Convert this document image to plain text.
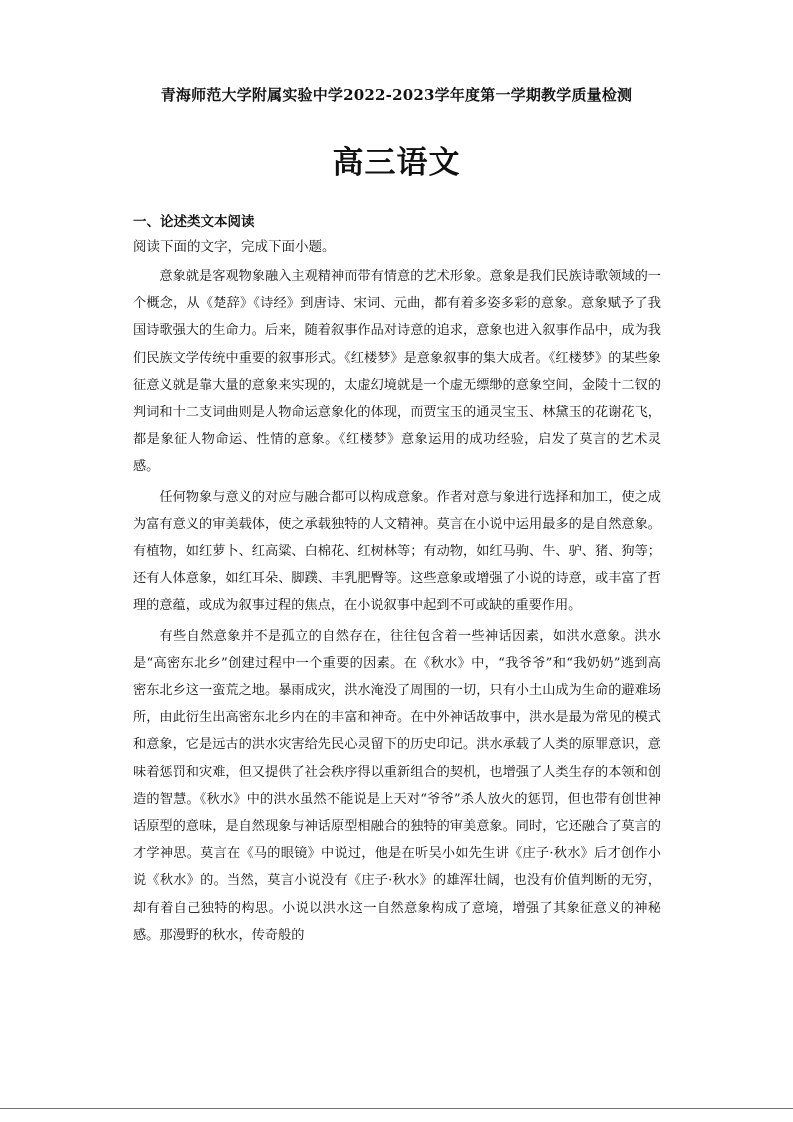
青海师范大学附属实验中学2022-2023学年度第一学期教学质量检测
高三语文
一、论述类文本阅读
阅读下面的文字，完成下面小题。

意象就是客观物象融入主观精神而带有情意的艺术形象。意象是我们民族诗歌领域的一个概念，从《楚辞》《诗经》到唐诗、宋词、元曲，都有着多姿多彩的意象。意象赋予了我国诗歌强大的生命力。后来，随着叙事作品对诗意的追求，意象也进入叙事作品中，成为我们民族文学传统中重要的叙事形式。《红楼梦》是意象叙事的集大成者。《红楼梦》的某些象征意义就是靠大量的意象来实现的，太虚幻境就是一个虚无缥缈的意象空间，金陵十二钗的判词和十二支词曲则是人物命运意象化的体现，而贾宝玉的通灵宝玉、林黛玉的花谢花飞，都是象征人物命运、性情的意象。《红楼梦》意象运用的成功经验，启发了莫言的艺术灵感。

任何物象与意义的对应与融合都可以构成意象。作者对意与象进行选择和加工，使之成为富有意义的审美载体，使之承载独特的人文精神。莫言在小说中运用最多的是自然意象。有植物，如红萝卜、红高粱、白棉花、红树林等；有动物，如红马驹、牛、驴、猪、狗等；还有人体意象，如红耳朵、脚蹼、丰乳肥臀等。这些意象或增强了小说的诗意，或丰富了哲理的意蕴，或成为叙事过程的焦点，在小说叙事中起到不可或缺的重要作用。

有些自然意象并不是孤立的自然存在，往往包含着一些神话因素，如洪水意象。洪水是“高密东北乡”创建过程中一个重要的因素。在《秋水》中，“我爷爷”和“我奶奶”逃到高密东北乡这一蛮荒之地。暴雨成灾，洪水淹没了周围的一切，只有小土山成为生命的避难场所，由此衍生出高密东北乡内在的丰富和神奇。在中外神话故事中，洪水是最为常见的模式和意象，它是远古的洪水灾害给先民心灵留下的历史印记。洪水承载了人类的原罪意识，意味着惩罚和灾难，但又提供了社会秩序得以重新组合的契机，也增强了人类生存的本领和创造的智慧。《秋水》中的洪水虽然不能说是上天对“爷爷”杀人放火的惩罚，但也带有创世神话原型的意味，是自然现象与神话原型相融合的独特的审美意象。同时，它还融合了莫言的才学神思。莫言在《马的眼镜》中说过，他是在听吴小如先生讲《庄子·秋水》后才创作小说《秋水》的。当然，莫言小说没有《庄子·秋水》的雄浑壮阔，也没有价值判断的无穷，却有着自己独特的构思。小说以洪水这一自然意象构成了意境，增强了其象征意义的神秘感。那漫野的秋水，传奇般的
